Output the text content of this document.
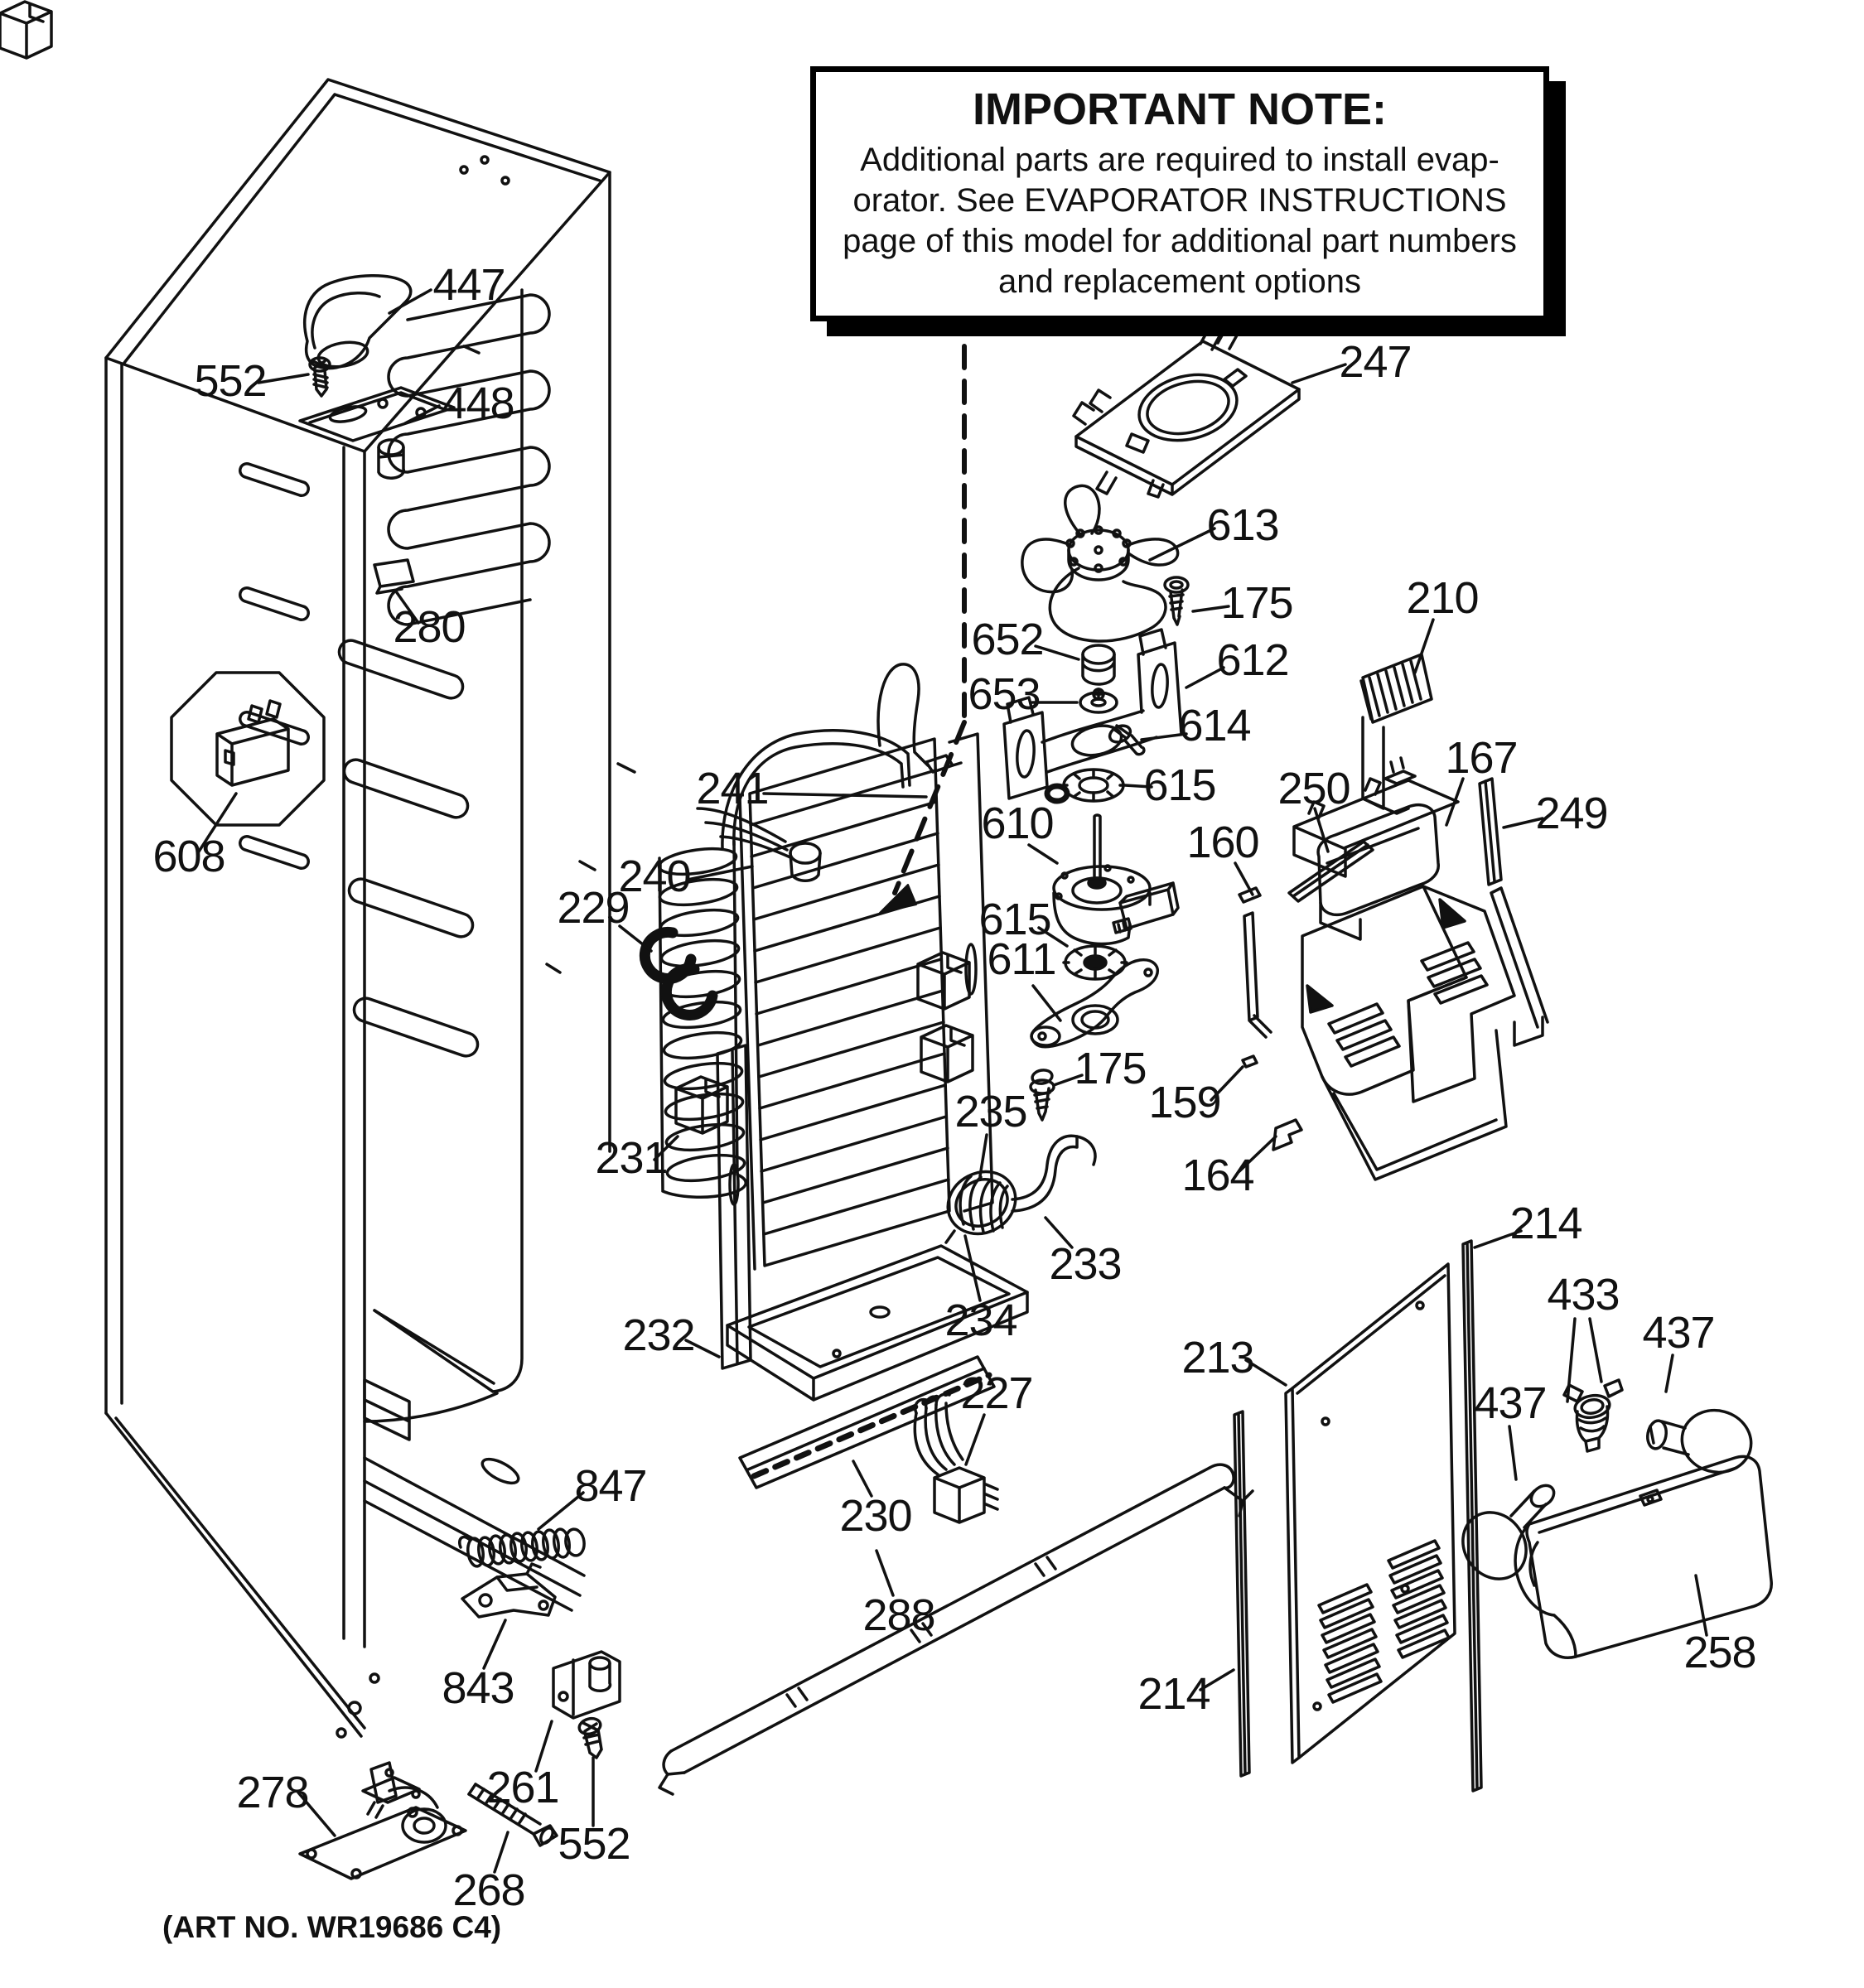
447
552	448
280
608
241
240
229
231
232
230
227
288
235
234
233
175
847
843
261
552
278
268
247
613
175
652
653
612
614
615
610	160
615
611
210
250
167
249
159
164
213
214
433
437
437
258
214
IMPORTANT NOTE:
Additional parts are required to install evap-
orator. See EVAPORATOR INSTRUCTIONS
page of this model for additional part numbers
and replacement options
(ART NO. WR19686 C4)
